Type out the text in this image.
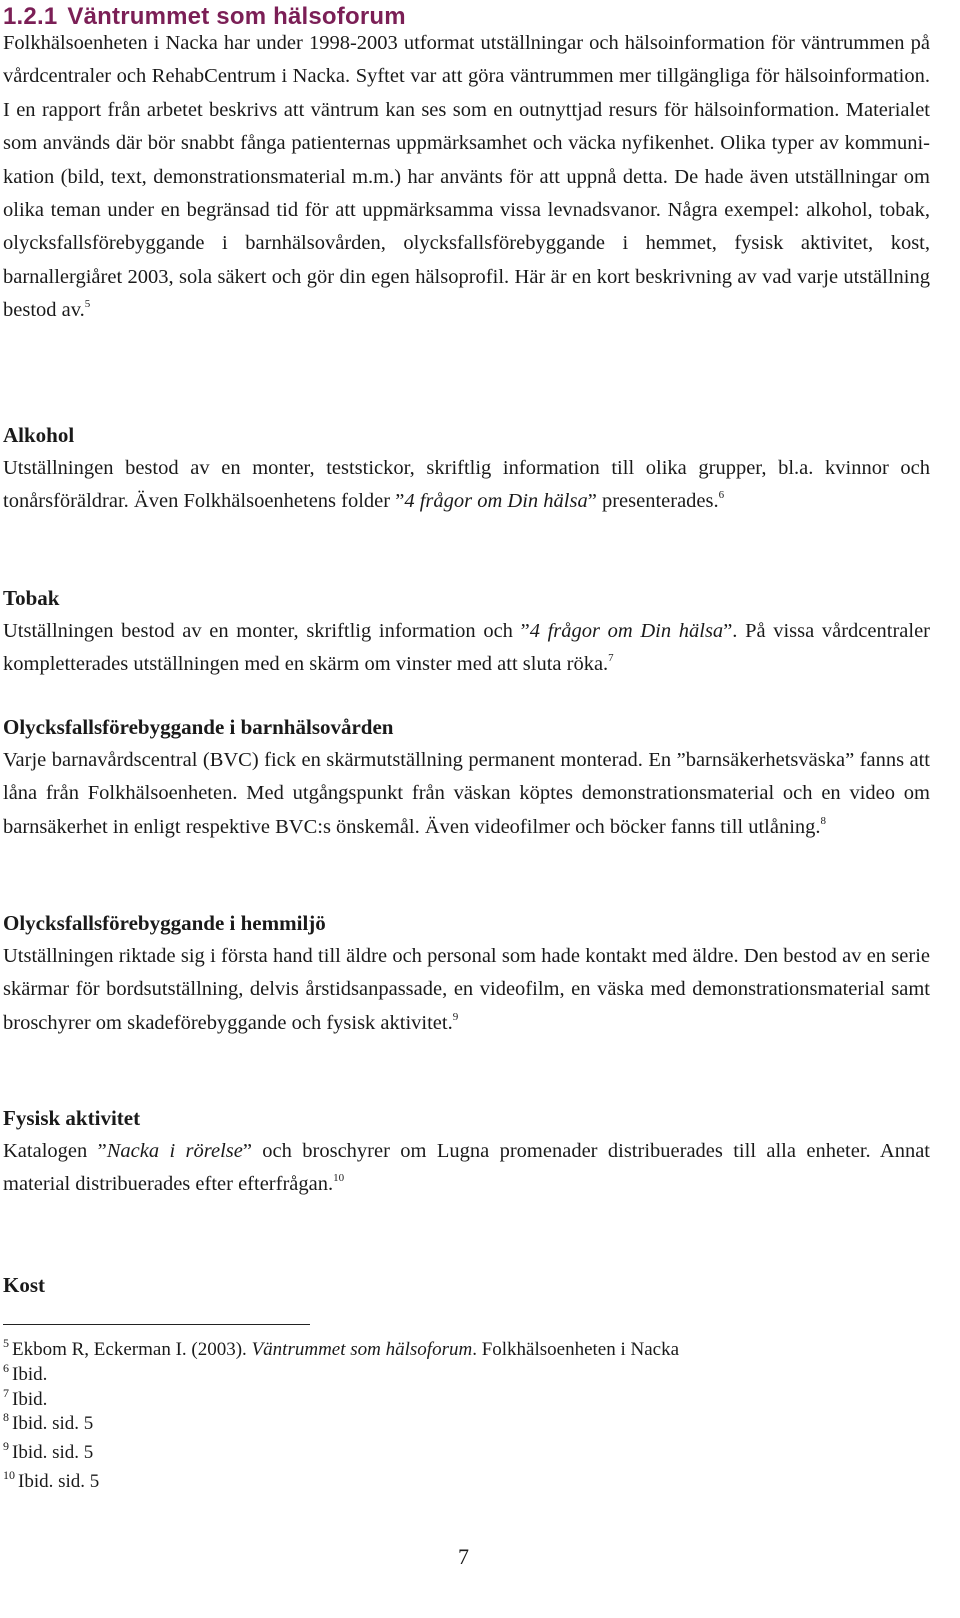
1.2.1 Väntrummet som hälsoforum

Folkhälsoenheten i Nacka har under 1998-2003 utformat utställningar och hälsoinformation för väntrummen på vårdcentraler och RehabCentrum i Nacka. Syftet var att göra väntrummen mer tillgängliga för hälsoinformation. I en rapport från arbetet beskrivs att väntrum kan ses som en outnyttjad resurs för hälsoinformation. Materialet som används där bör snabbt fånga patienternas uppmärksamhet och väcka nyfikenhet. Olika typer av kommunikation (bild, text, demonstrationsmaterial m.m.) har använts för att uppnå detta. De hade även utställningar om olika teman under en begränsad tid för att uppmärksamma vissa levnadsvanor. Några exempel: alkohol, tobak, olycksfallsförebyggande i barnhälsovården, olycksfallsförebyggande i hemmet, fysisk aktivitet, kost, barnallergiåret 2003, sola säkert och gör din egen hälsoprofil. Här är en kort beskrivning av vad varje utställning bestod av.$^5$

Alkohol

Utställningen bestod av en monter, teststickor, skriftlig information till olika grupper, bl.a. kvinnor och tonårsföräldrar. Även Folkhälsoenhetens folder ”4 frågor om Din hälsa” presenterades.$^6$

Tobak

Utställningen bestod av en monter, skriftlig information och ”4 frågor om Din hälsa”. På vissa vårdcentraler kompletterades utställningen med en skärm om vinster med att sluta röka.$^7$

Olycksfallsförebyggande i barnhälsovården

Varje barnavårdscentral (BVC) fick en skärmutställning permanent monterad. En ”barnsäkerhetsväska” fanns att låna från Folkhälsoenheten. Med utgångspunkt från väskan köptes demonstrationsmaterial och en video om barnsäkerhet in enligt respektive BVC:s önskemål. Även videofilmer och böcker fanns till utlåning.$^8$

Olycksfallsförebyggande i hemmiljö

Utställningen riktade sig i första hand till äldre och personal som hade kontakt med äldre. Den bestod av en serie skärmar för bordsutställning, delvis årstidsanpassade, en videofilm, en väska med demonstrationsmaterial samt broschyrer om skadeförebyggande och fysisk aktivitet.$^9$

Fysisk aktivitet

Katalogen ”Nacka i rörelse” och broschyrer om Lugna promenader distribuerades till alla enheter. Annat material distribuerades efter efterfrågan.$^{10}$

Kost
$^5$ Ekbom R, Eckerman I. (2003). Väntrummet som hälsoforum. Folkhälsoenheten i Nacka
$^6$ Ibid.
$^7$ Ibid.
$^8$ Ibid. sid. 5
$^9$ Ibid. sid. 5
$^{10}$ Ibid. sid. 5
7
